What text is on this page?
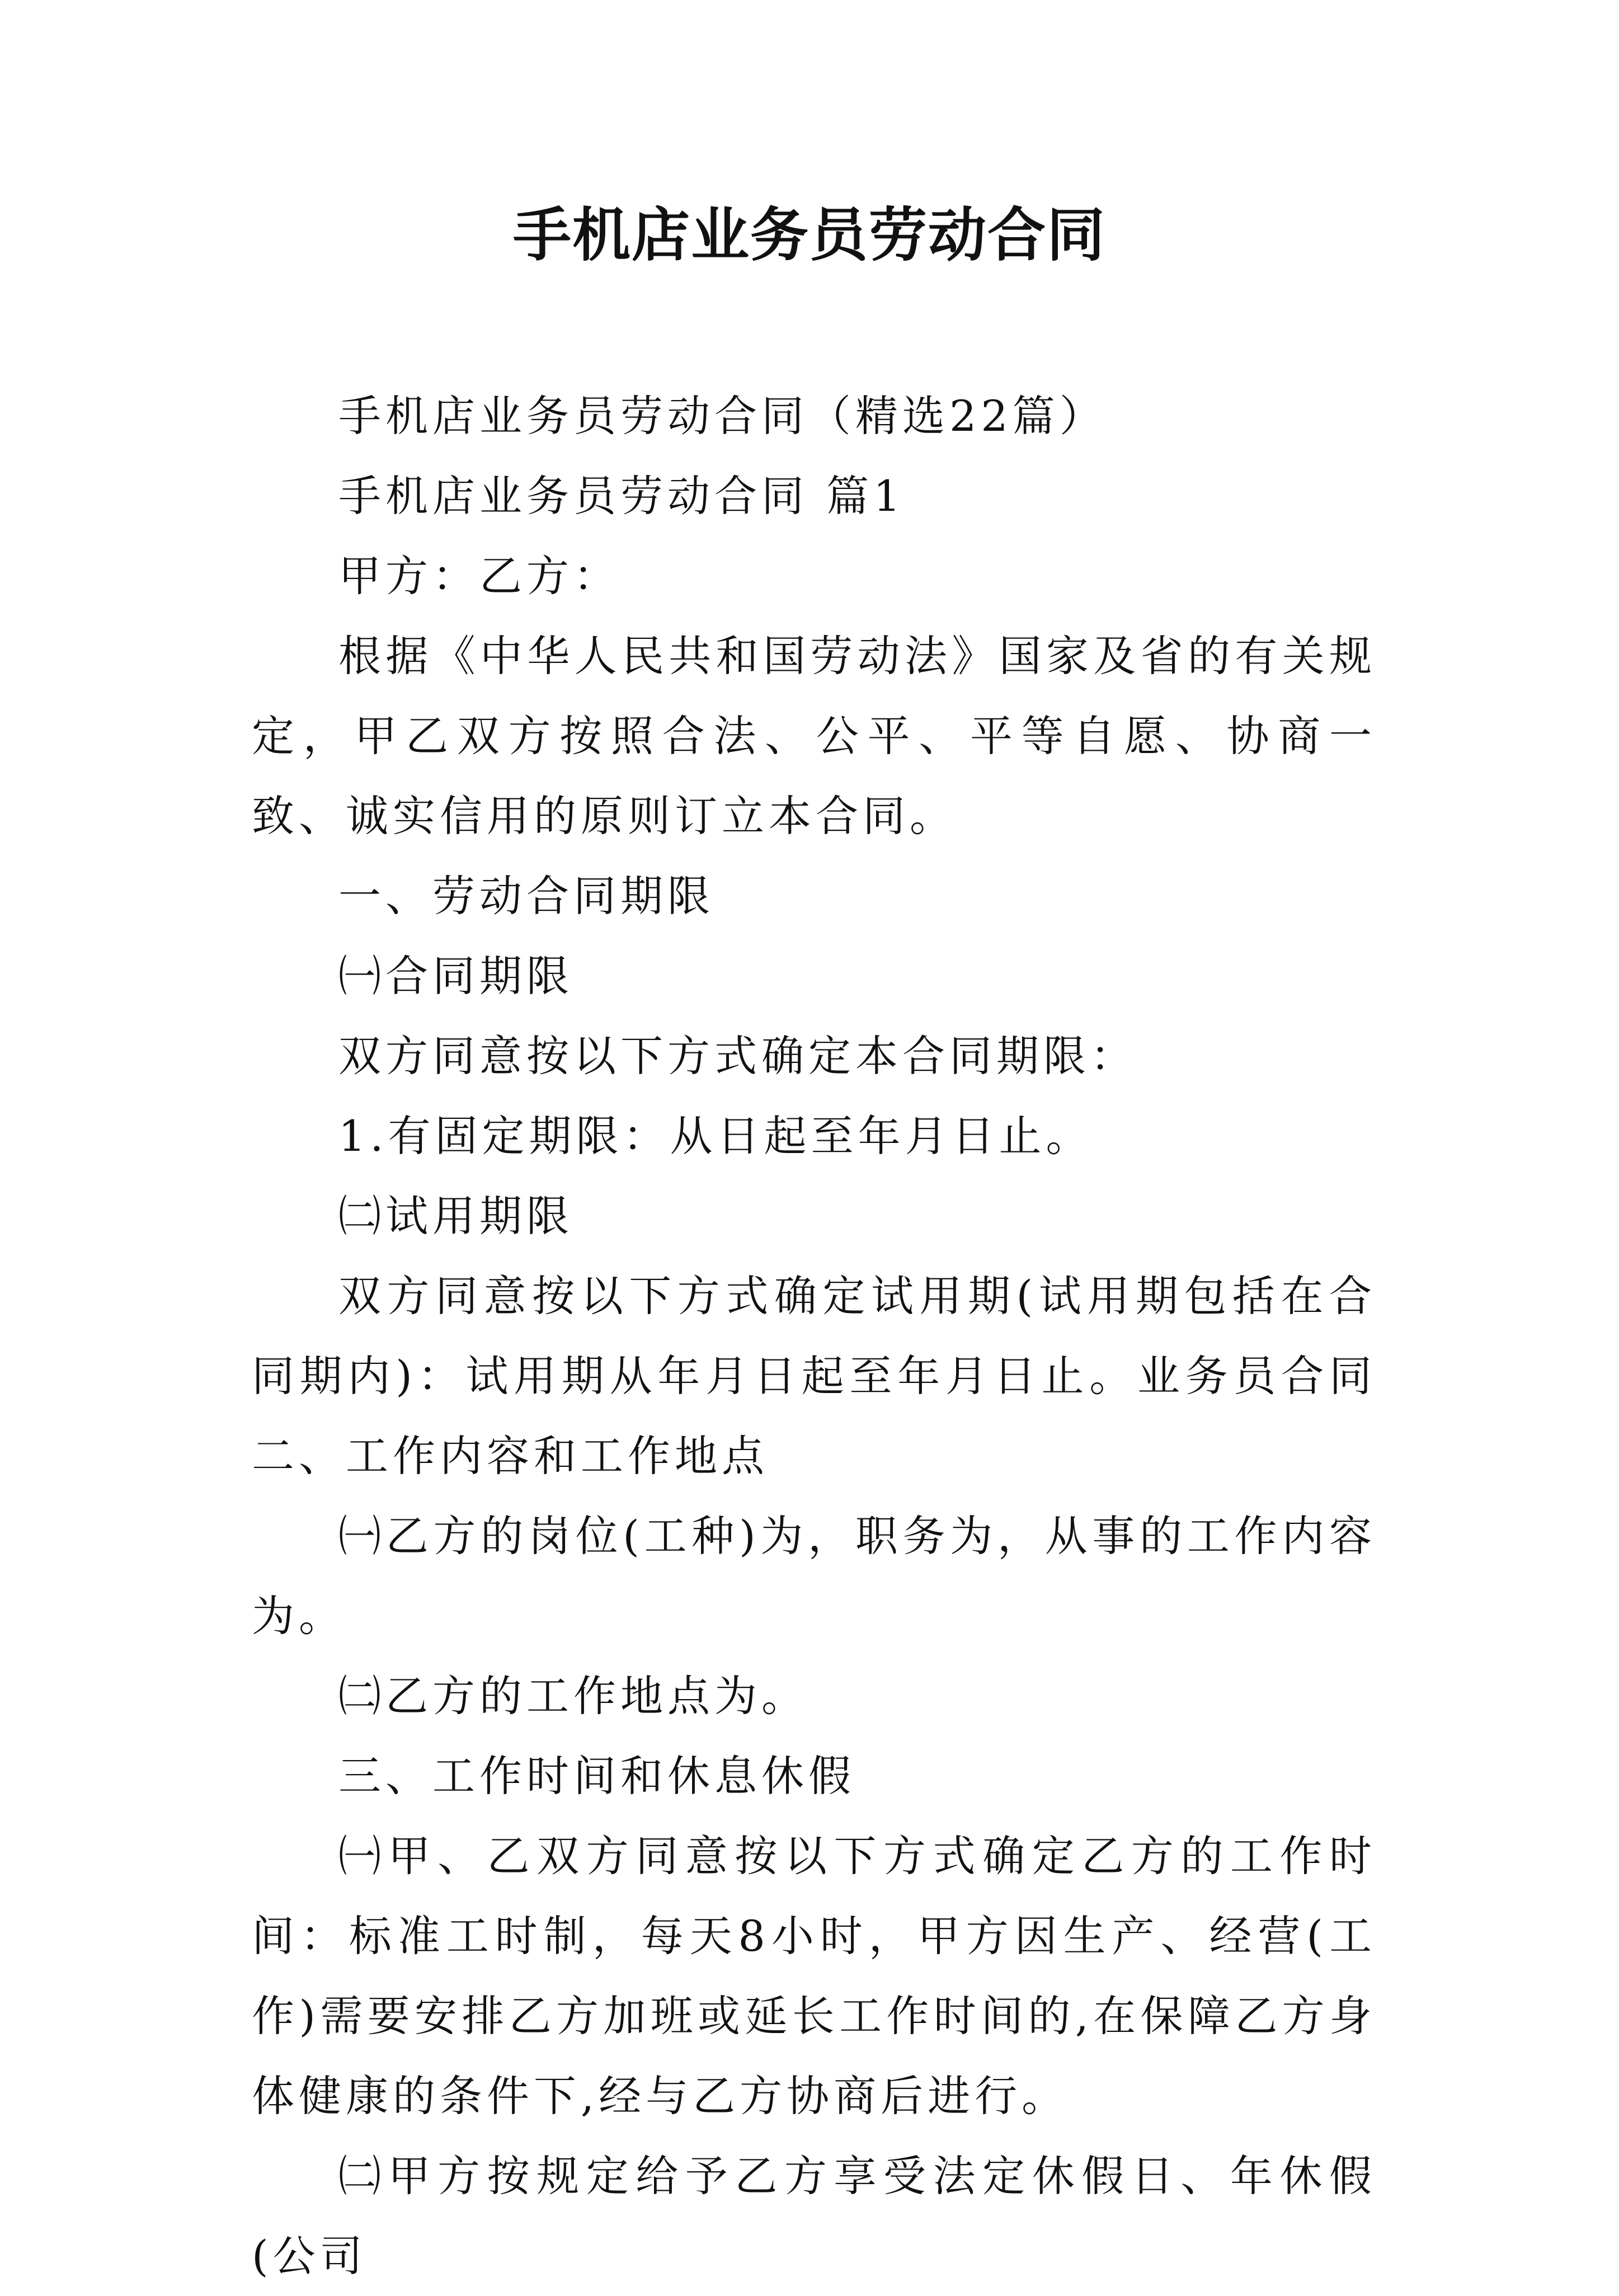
手机店业务员劳动合同

手机店业务员劳动合同（精选22篇）

手机店业务员劳动合同 篇1

甲方：乙方：

根据《中华人民共和国劳动法》国家及省的有关规定，甲乙双方按照合法、公平、平等自愿、协商一致、诚实信用的原则订立本合同。

一、劳动合同期限

㈠合同期限

双方同意按以下方式确定本合同期限：

1.有固定期限：从日起至年月日止。

㈡试用期限

双方同意按以下方式确定试用期(试用期包括在合同期内)：试用期从年月日起至年月日止。业务员合同二、工作内容和工作地点

㈠乙方的岗位(工种)为，职务为，从事的工作内容为。

㈡乙方的工作地点为。

三、工作时间和休息休假

㈠甲、乙双方同意按以下方式确定乙方的工作时间：标准工时制，每天8小时，甲方因生产、经营(工作)需要安排乙方加班或延长工作时间的,在保障乙方身体健康的条件下,经与乙方协商后进行。

㈡甲方按规定给予乙方享受法定休假日、年休假(公司
